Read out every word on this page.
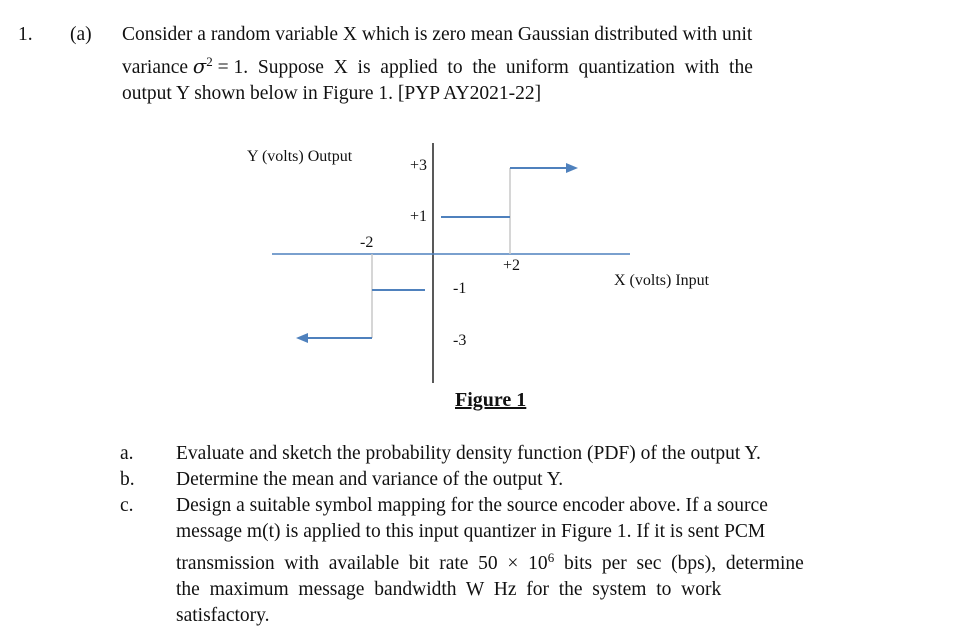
1. (a) Consider a random variable X which is zero mean Gaussian distributed with unit
variance $\sigma^2 = 1$.  Suppose  X  is  applied  to  the  uniform  quantization  with  the
output Y shown below in Figure 1. [PYP AY2021-22]
Y (volts) Output
+3
+1
-2
+2
-1
-3
X (volts) Input
Figure 1
a. Evaluate and sketch the probability density function (PDF) of the output Y.
b. Determine the mean and variance of the output Y.
c. Design a suitable symbol mapping for the source encoder above. If a source
message m(t) is applied to this input quantizer in Figure 1. If it is sent PCM
transmission  with  available  bit  rate  $50 \times 10^6$ bits  per  sec  (bps),  determine
the  maximum  message  bandwidth  W  Hz  for  the  system  to  work
satisfactory.
